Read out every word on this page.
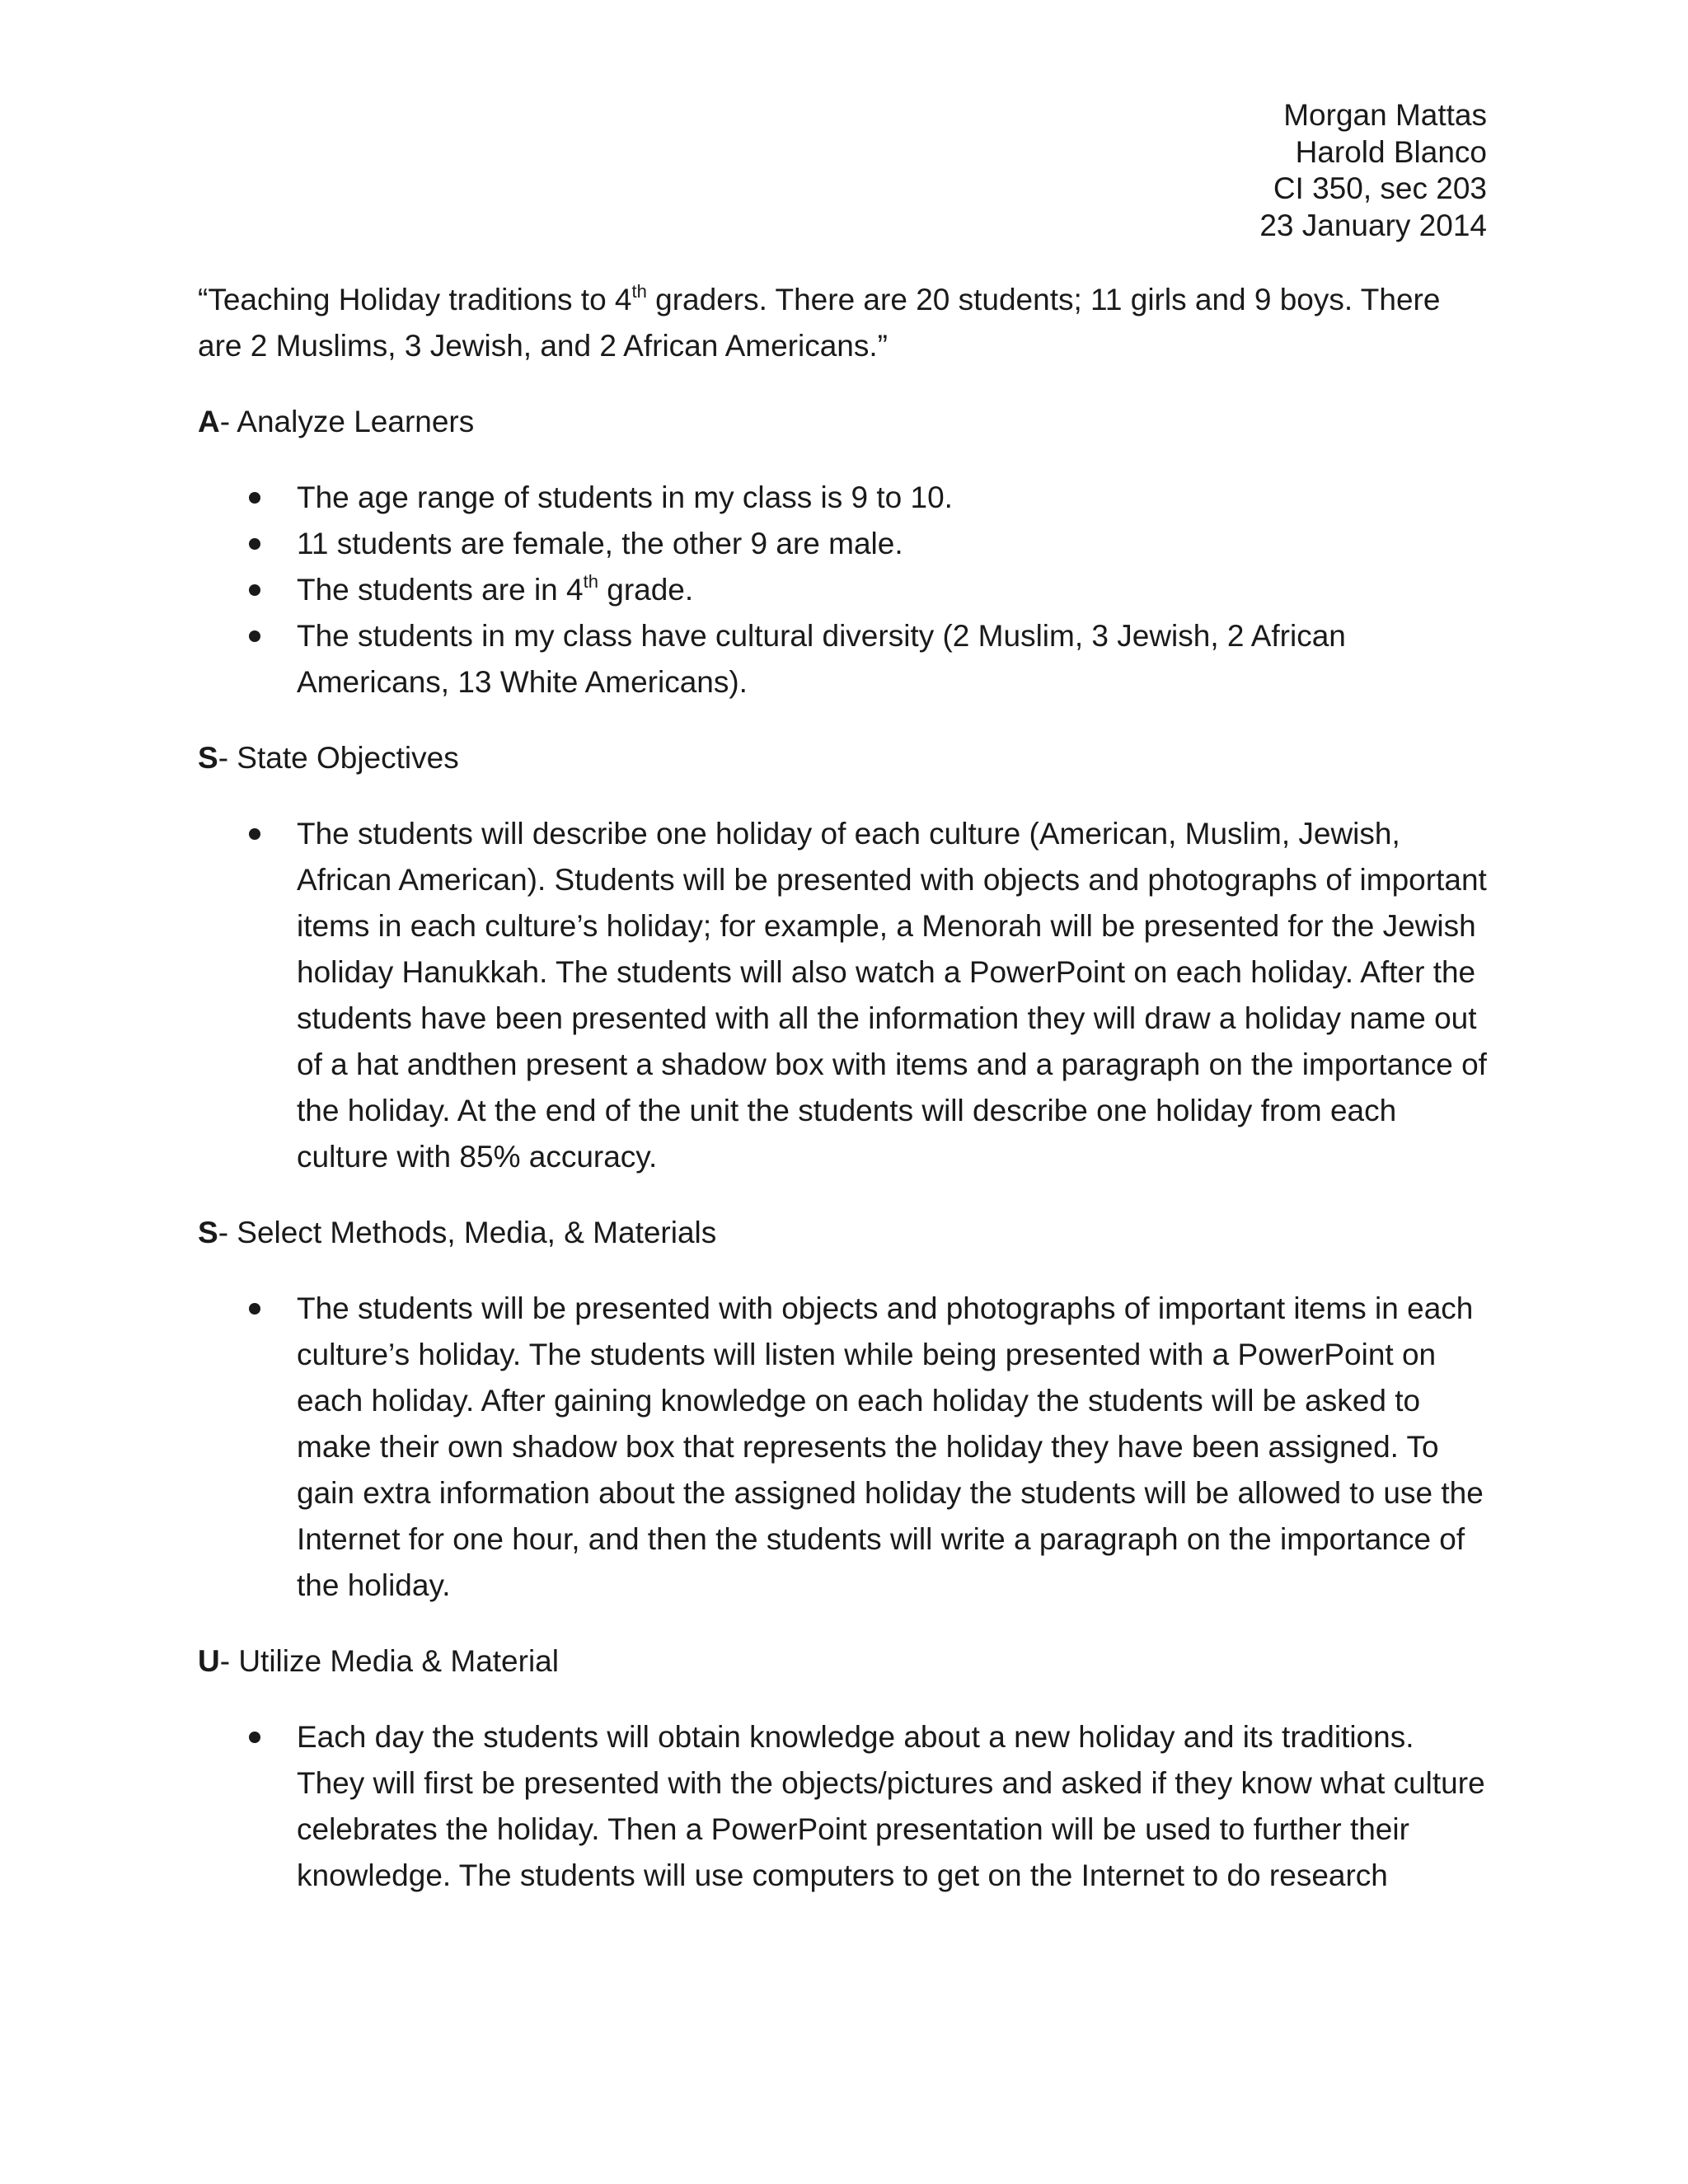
Morgan Mattas
Harold Blanco
CI 350, sec 203
23 January 2014

“Teaching Holiday traditions to 4th graders. There are 20 students; 11 girls and 9 boys. There are 2 Muslims, 3 Jewish, and 2 African Americans.”

A- Analyze Learners

The age range of students in my class is 9 to 10.
11 students are female, the other 9 are male.
The students are in 4th grade.
The students in my class have cultural diversity (2 Muslim, 3 Jewish, 2 African Americans, 13 White Americans).

S- State Objectives

The students will describe one holiday of each culture (American, Muslim, Jewish, African American). Students will be presented with objects and photographs of important items in each culture’s holiday; for example, a Menorah will be presented for the Jewish holiday Hanukkah. The students will also watch a PowerPoint on each holiday. After the students have been presented with all the information they will draw a holiday name out of a hat andthen present a shadow box with items and a paragraph on the importance of the holiday. At the end of the unit the students will describe one holiday from each culture with 85% accuracy.

S- Select Methods, Media, & Materials

The students will be presented with objects and photographs of important items in each culture’s holiday. The students will listen while being presented with a PowerPoint on each holiday. After gaining knowledge on each holiday the students will be asked to make their own shadow box that represents the holiday they have been assigned. To gain extra information about the assigned holiday the students will be allowed to use the Internet for one hour, and then the students will write a paragraph on the importance of the holiday.

U- Utilize Media & Material

Each day the students will obtain knowledge about a new holiday and its traditions. They will first be presented with the objects/pictures and asked if they know what culture celebrates the holiday. Then a PowerPoint presentation will be used to further their knowledge. The students will use computers to get on the Internet to do research
